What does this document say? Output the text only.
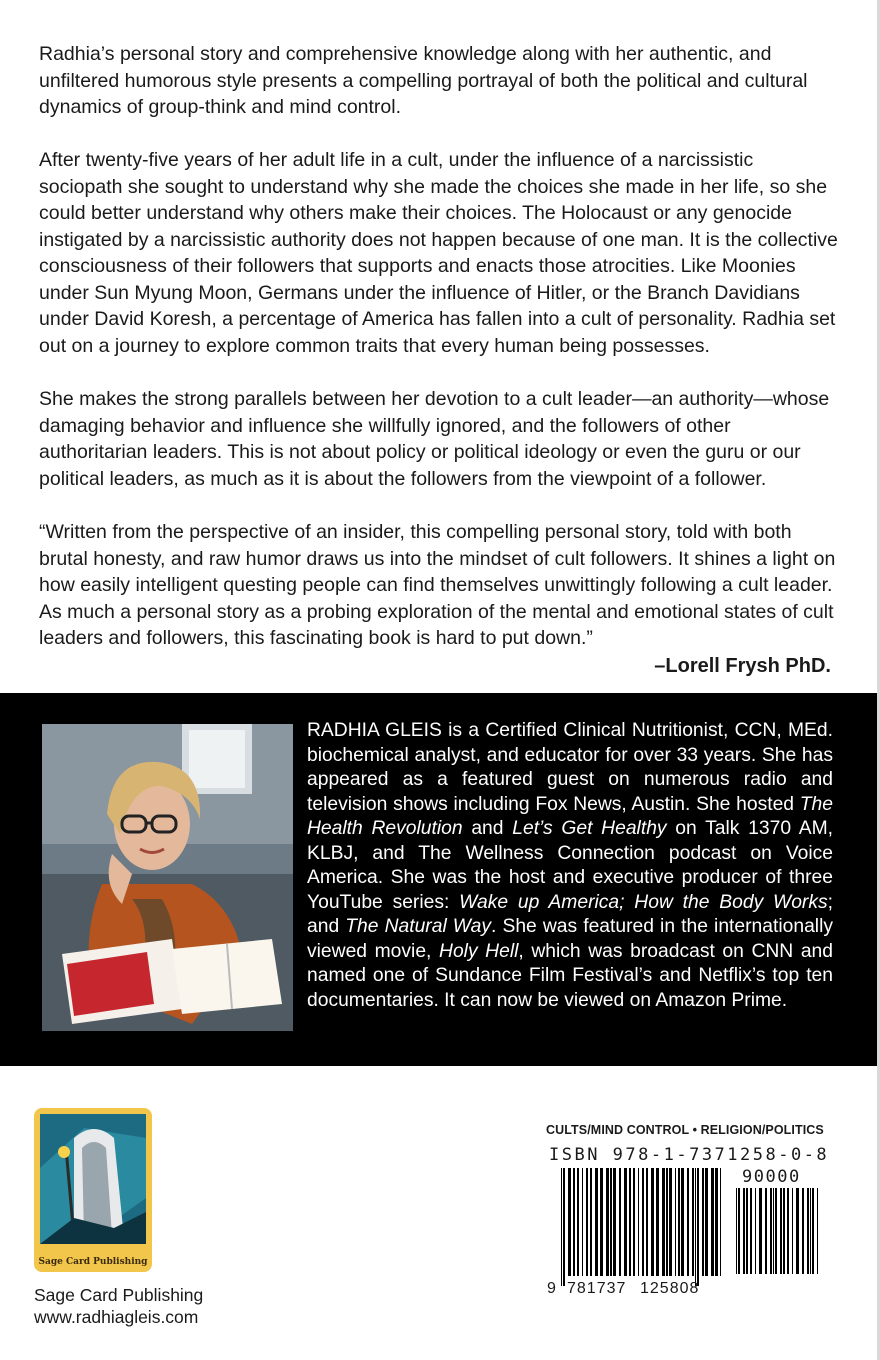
Radhia’s personal story and comprehensive knowledge along with her authentic, and unfiltered humorous style presents a compelling portrayal of both the political and cultural dynamics of group-think and mind control.

After twenty-five years of her adult life in a cult, under the influence of a narcissistic sociopath she sought to understand why she made the choices she made in her life, so she could better understand why others make their choices. The Holocaust or any genocide instigated by a narcissistic authority does not happen because of one man. It is the collective consciousness of their followers that supports and enacts those atrocities. Like Moonies under Sun Myung Moon, Germans under the influence of Hitler, or the Branch Davidians under David Koresh, a percentage of America has fallen into a cult of personality. Radhia set out on a journey to explore common traits that every human being possesses.

She makes the strong parallels between her devotion to a cult leader—an authority—whose damaging behavior and influence she willfully ignored, and the followers of other authoritarian leaders. This is not about policy or political ideology or even the guru or our political leaders, as much as it is about the followers from the viewpoint of a follower.

“Written from the perspective of an insider, this compelling personal story, told with both brutal honesty, and raw humor draws us into the mindset of cult followers. It shines a light on how easily intelligent questing people can find themselves unwittingly following a cult leader. As much a personal story as a probing exploration of the mental and emotional states of cult leaders and followers, this fascinating book is hard to put down.”

–Lorell Frysh PhD.

RADHIA GLEIS is a Certified Clinical Nutritionist, CCN, MEd. biochemical analyst, and educator for over 33 years. She has appeared as a featured guest on numerous radio and television shows including Fox News, Austin. She hosted The Health Revolution and Let’s Get Healthy on Talk 1370 AM, KLBJ, and The Wellness Connection podcast on Voice America. She was the host and executive producer of three YouTube series: Wake up America; How the Body Works; and The Natural Way. She was featured in the internationally viewed movie, Holy Hell, which was broadcast on CNN and named one of Sundance Film Festival’s and Netflix’s top ten documentaries. It can now be viewed on Amazon Prime.

Sage Card Publishing
Sage Card Publishing
www.radhiagleis.com
CULTS/MIND CONTROL • RELIGION/POLITICS
ISBN 978-1-7371258-0-8
90000
9 781737 125808
